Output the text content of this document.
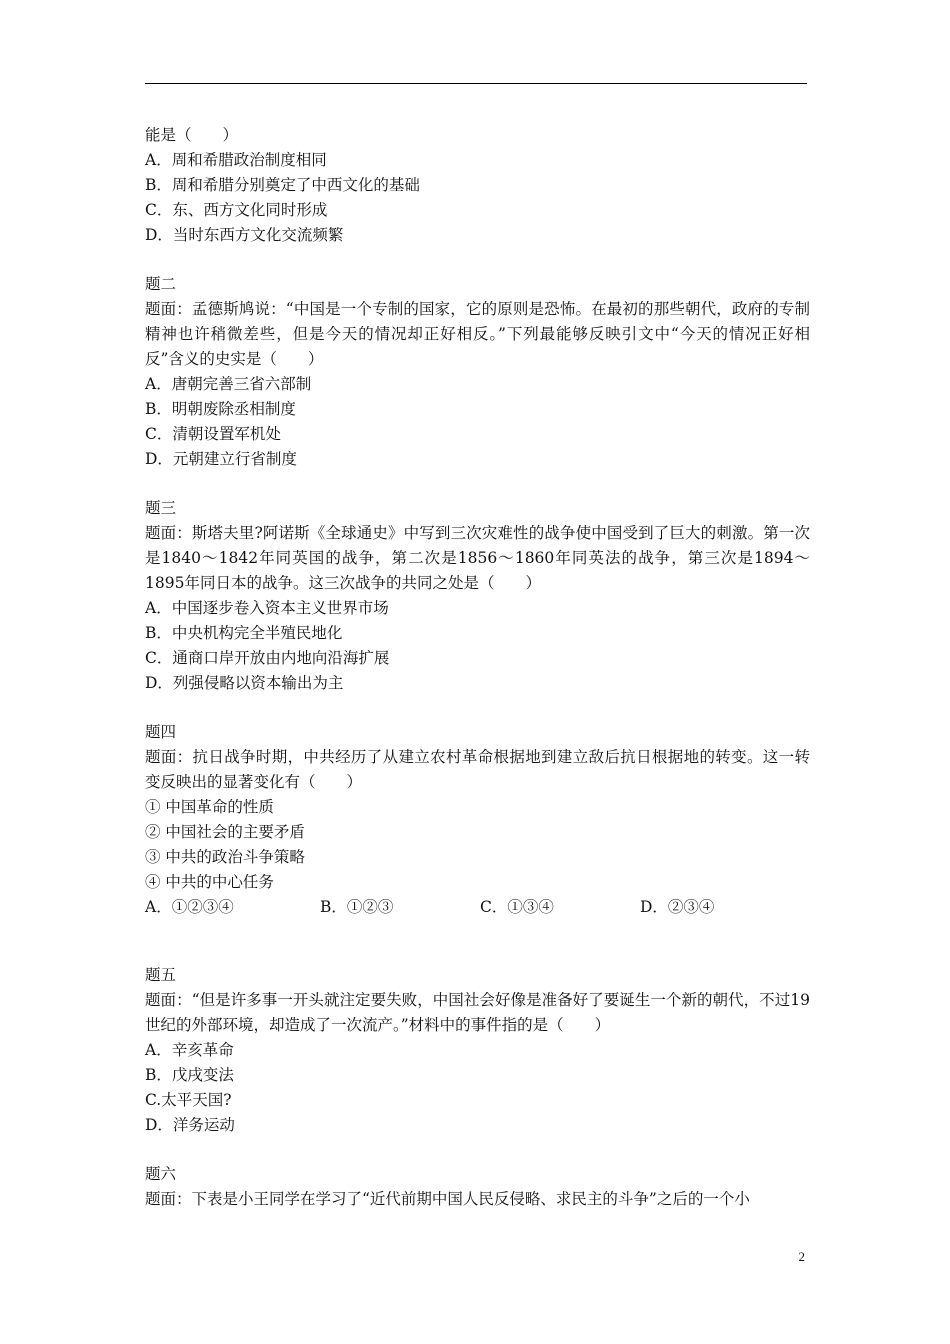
能是（　　）
A．周和希腊政治制度相同
B．周和希腊分别奠定了中西文化的基础
C．东、西方文化同时形成
D．当时东西方文化交流频繁
题二
题面：孟德斯鸠说：“中国是一个专制的国家，它的原则是恐怖。在最初的那些朝代，政府的专制精神也许稍微差些，但是今天的情况却正好相反。”下列最能够反映引文中“今天的情况正好相反”含义的史实是（　　）
A．唐朝完善三省六部制
B．明朝废除丞相制度
C．清朝设置军机处
D．元朝建立行省制度
题三
题面：斯塔夫里?阿诺斯《全球通史》中写到三次灾难性的战争使中国受到了巨大的刺激。第一次是1840～1842年同英国的战争，第二次是1856～1860年同英法的战争，第三次是1894～1895年同日本的战争。这三次战争的共同之处是（　　）
A．中国逐步卷入资本主义世界市场
B．中央机构完全半殖民地化
C．通商口岸开放由内地向沿海扩展
D．列强侵略以资本输出为主
题四
题面：抗日战争时期，中共经历了从建立农村革命根据地到建立敌后抗日根据地的转变。这一转变反映出的显著变化有（　　）
① 中国革命的性质
② 中国社会的主要矛盾
③ 中共的政治斗争策略
④ 中共的中心任务
A．①②③④	B．①②③	C．①③④	D．②③④
题五
题面：“但是许多事一开头就注定要失败，中国社会好像是准备好了要诞生一个新的朝代，不过19世纪的外部环境，却造成了一次流产。”材料中的事件指的是（　　）
A．辛亥革命
B．戊戌变法
C.太平天国?
D．洋务运动
题六
题面：下表是小王同学在学习了“近代前期中国人民反侵略、求民主的斗争”之后的一个小
2
